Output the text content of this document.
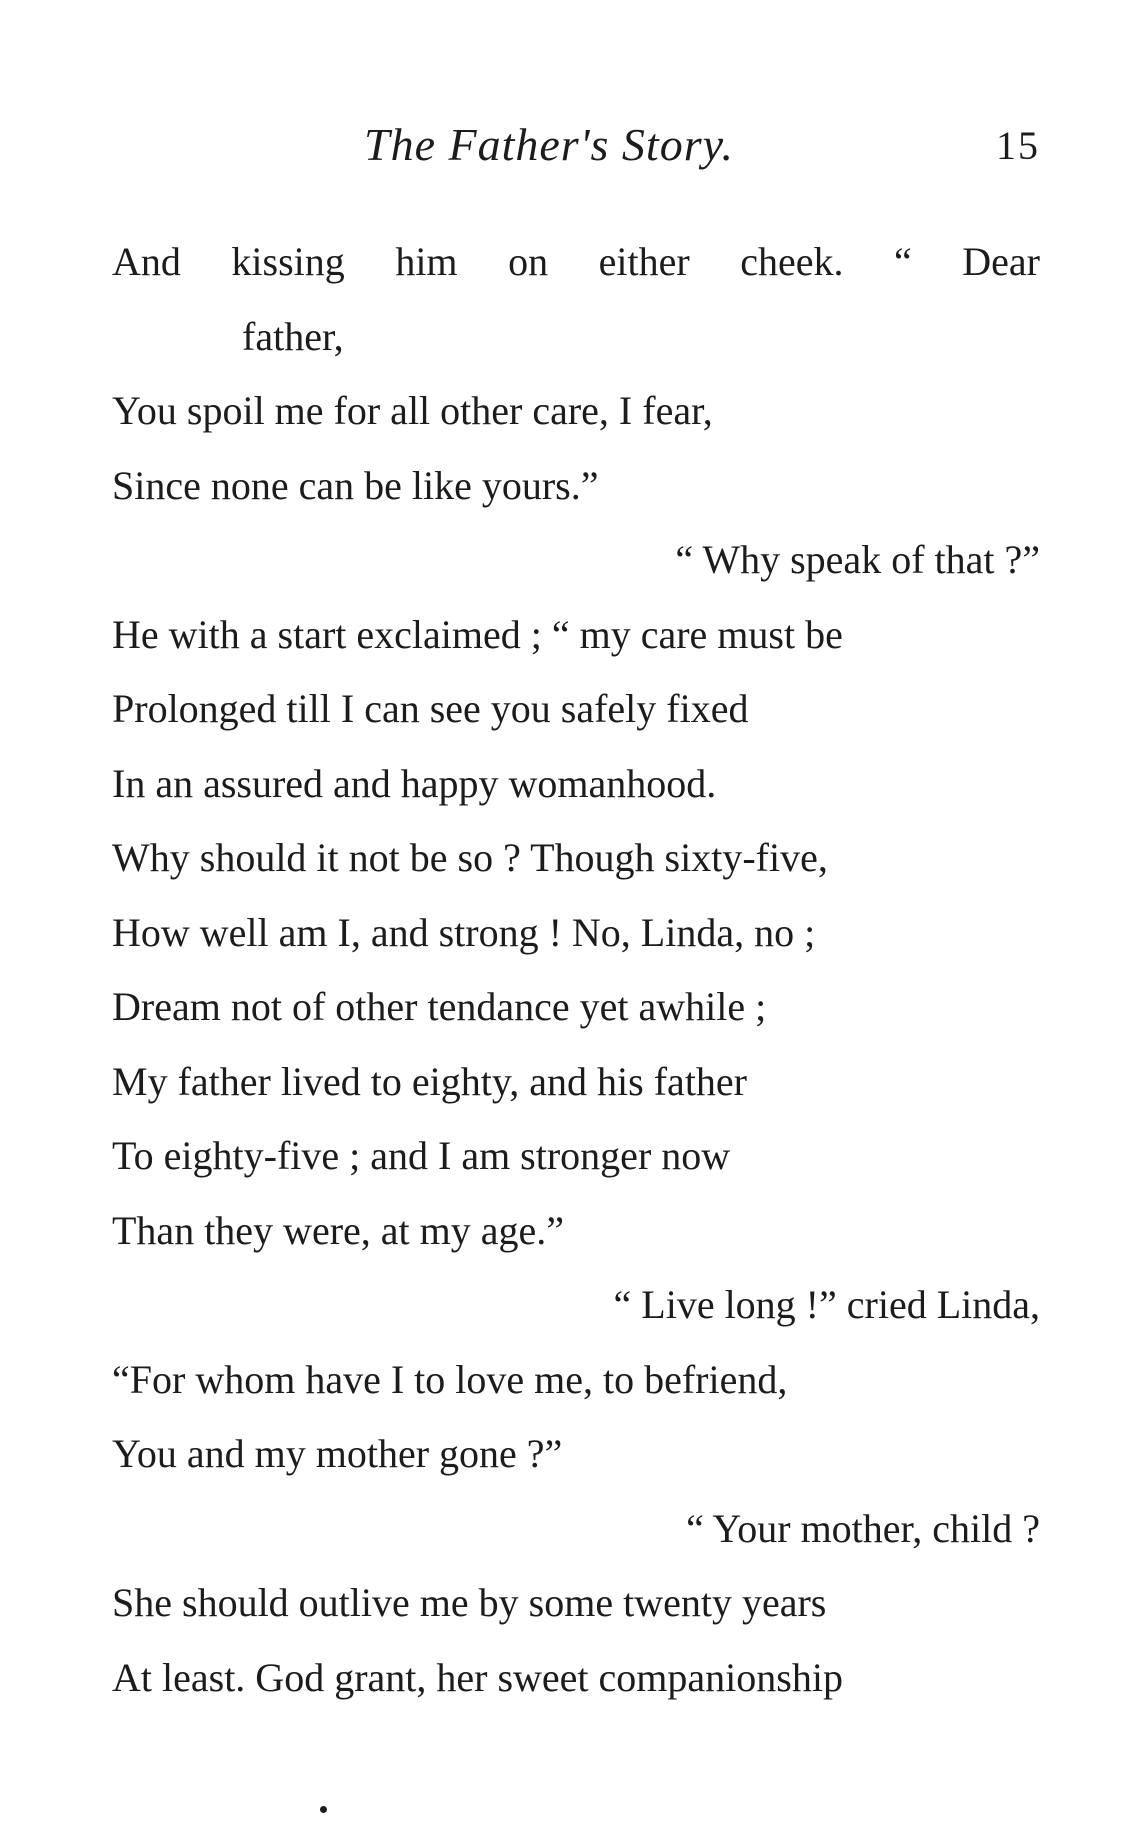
The Father's Story.	15
And kissing him on either cheek. “ Dear
father,
You spoil me for all other care, I fear,
Since none can be like yours.”
“ Why speak of that ?”
He with a start exclaimed ; “ my care must be
Prolonged till I can see you safely fixed
In an assured and happy womanhood.
Why should it not be so ? Though sixty-five,
How well am I, and strong ! No, Linda, no ;
Dream not of other tendance yet awhile ;
My father lived to eighty, and his father
To eighty-five ; and I am stronger now
Than they were, at my age.”
“ Live long !” cried Linda,
“For whom have I to love me, to befriend,
You and my mother gone ?”
“ Your mother, child ?
She should outlive me by some twenty years
At least. God grant, her sweet companionship
